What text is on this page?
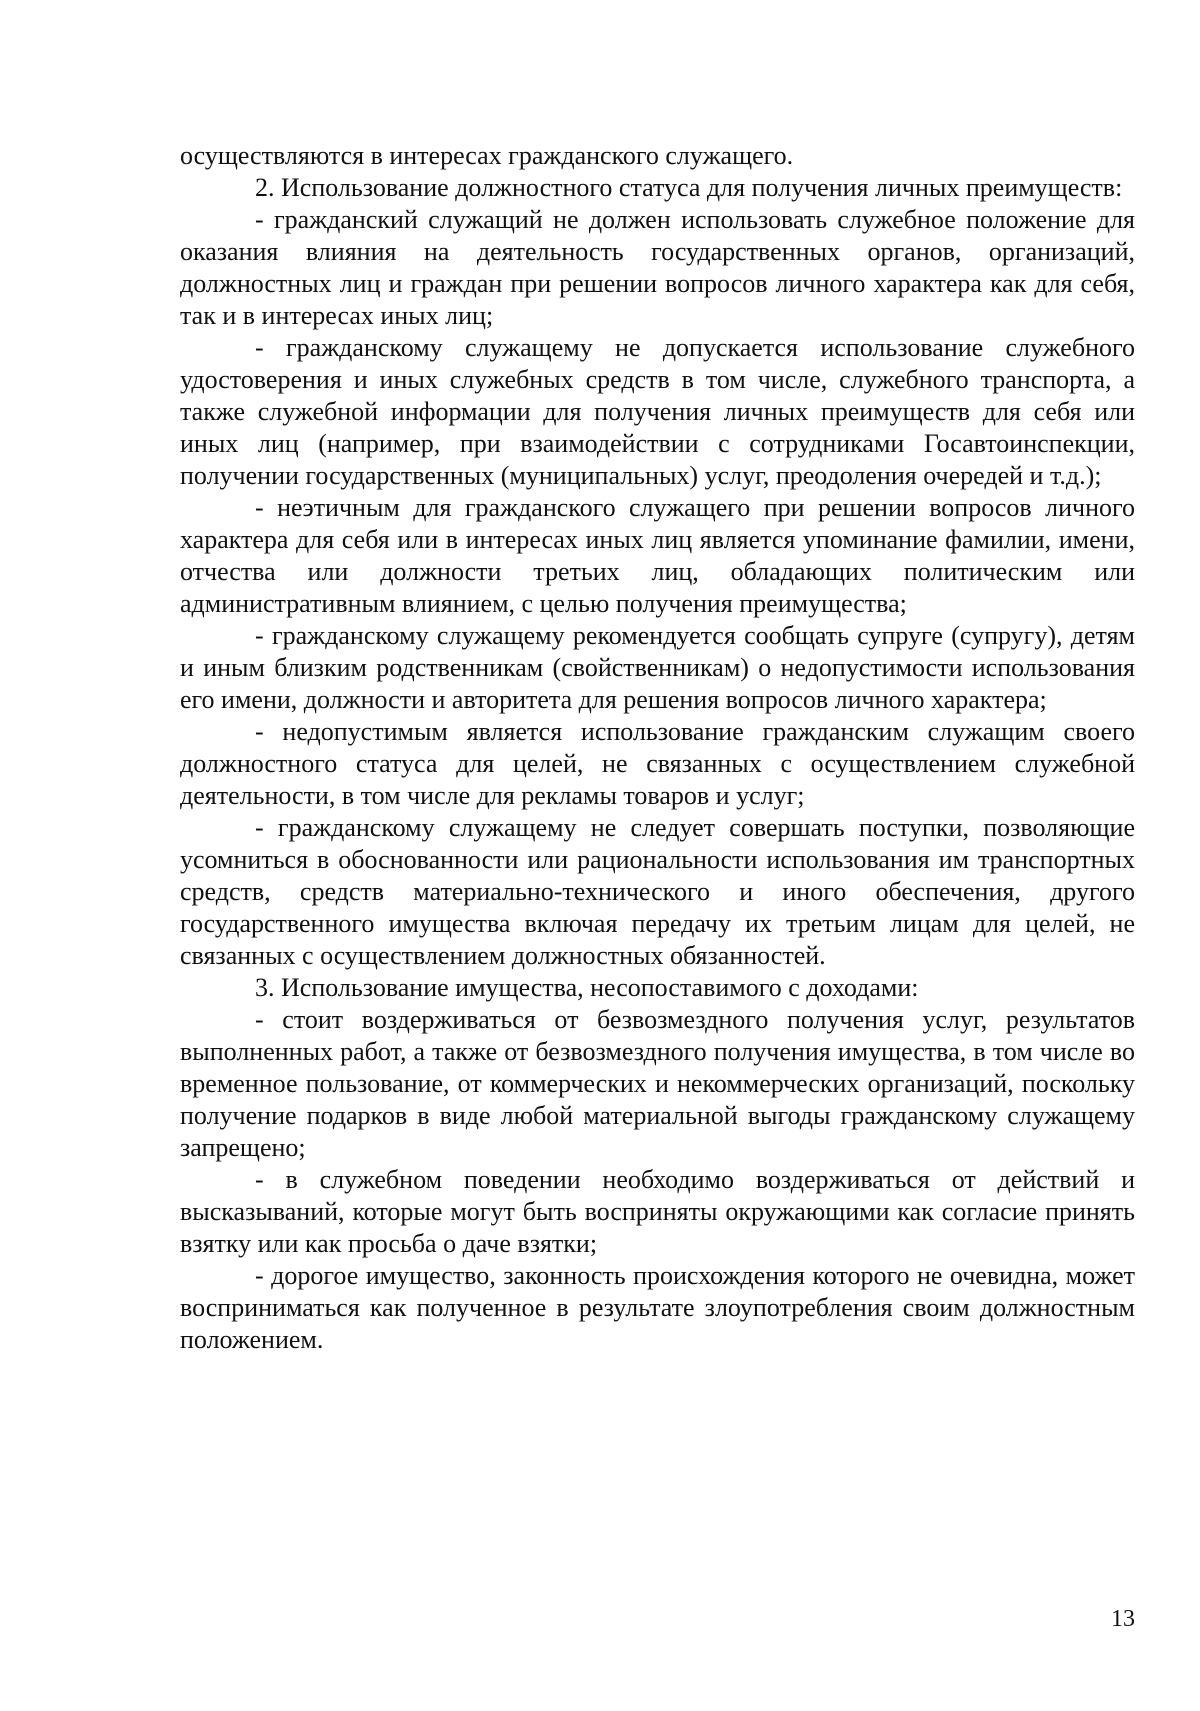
осуществляются в интересах гражданского служащего.

2. Использование должностного статуса для получения личных преимуществ:

- гражданский служащий не должен использовать служебное положение для оказания влияния на деятельность государственных органов, организаций, должностных лиц и граждан при решении вопросов личного характера как для себя, так и в интересах иных лиц;

- гражданскому служащему не допускается использование служебного удостоверения и иных служебных средств в том числе, служебного транспорта, а также служебной информации для получения личных преимуществ для себя или иных лиц (например, при взаимодействии с сотрудниками Госавтоинспекции, получении государственных (муниципальных) услуг, преодоления очередей и т.д.);

- неэтичным для гражданского служащего при решении вопросов личного характера для себя или в интересах иных лиц является упоминание фамилии, имени, отчества или должности третьих лиц, обладающих политическим или административным влиянием, с целью получения преимущества;

- гражданскому служащему рекомендуется сообщать супруге (супругу), детям и иным близким родственникам (свойственникам) о недопустимости использования его имени, должности и авторитета для решения вопросов личного характера;

- недопустимым является использование гражданским служащим своего должностного статуса для целей, не связанных с осуществлением служебной деятельности, в том числе для рекламы товаров и услуг;

- гражданскому служащему не следует совершать поступки, позволяющие усомниться в обоснованности или рациональности использования им транспортных средств, средств материально-технического и иного обеспечения, другого государственного имущества включая передачу их третьим лицам для целей, не связанных с осуществлением должностных обязанностей.

3. Использование имущества, несопоставимого с доходами:

- стоит воздерживаться от безвозмездного получения услуг, результатов выполненных работ, а также от безвозмездного получения имущества, в том числе во временное пользование, от коммерческих и некоммерческих организаций, поскольку получение подарков в виде любой материальной выгоды гражданскому служащему запрещено;

- в служебном поведении необходимо воздерживаться от действий и высказываний, которые могут быть восприняты окружающими как согласие принять взятку или как просьба о даче взятки;

- дорогое имущество, законность происхождения которого не очевидна, может восприниматься как полученное в результате злоупотребления своим должностным положением.

13
